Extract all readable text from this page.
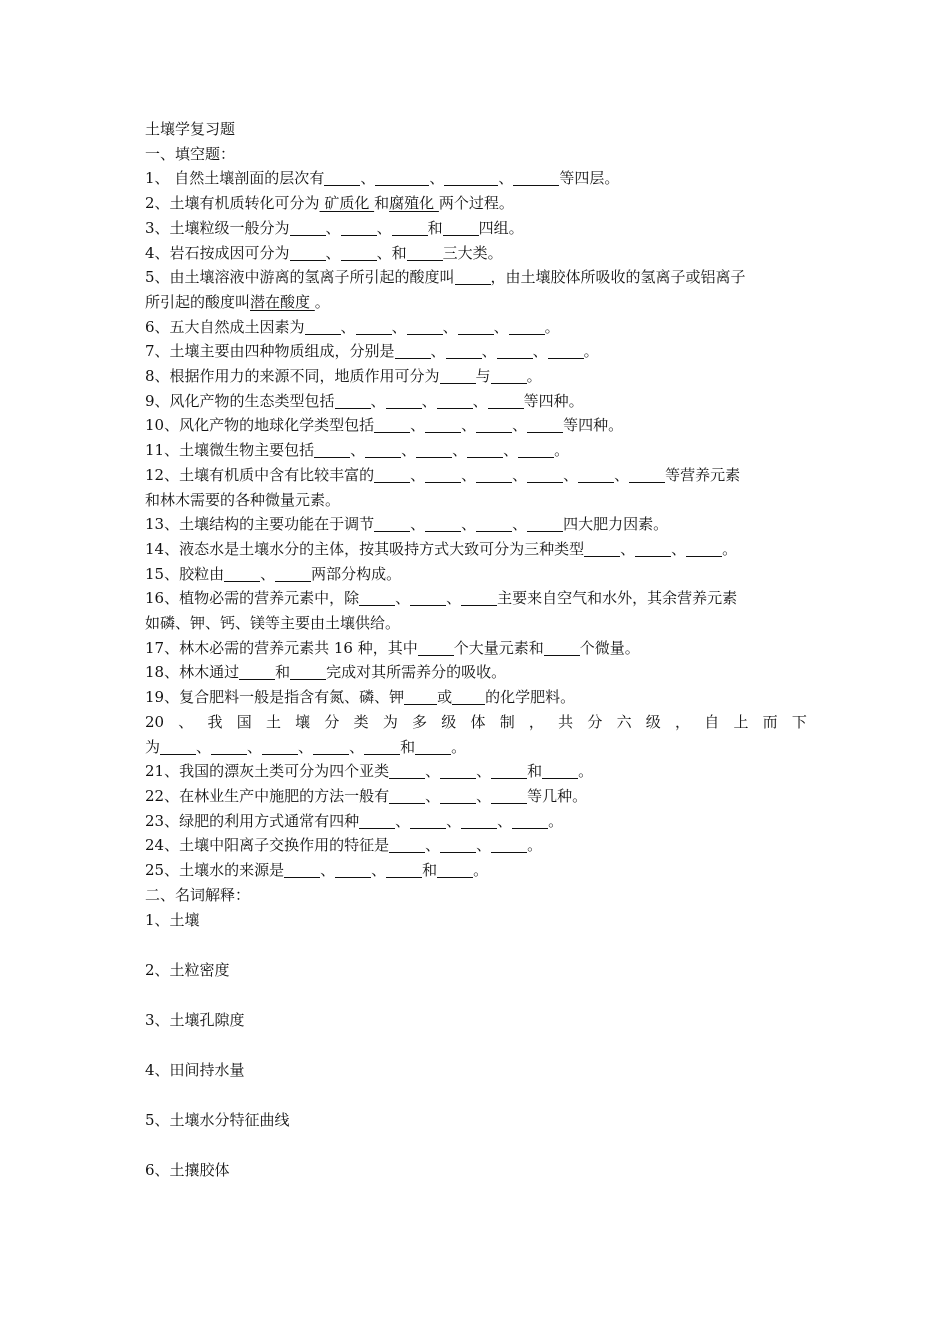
土壤学复习题
一、填空题：
1、 自然土壤剖面的层次有 、	、	、	等四层。
2、土壤有机质转化可分为 矿质化 和腐殖化 两个过程。
3、土壤粒级一般分为 、 、 和 四组。
4、岩石按成因可分为 、 、和 三大类。
5、由土壤溶液中游离的氢离子所引起的酸度叫 ，由土壤胶体所吸收的氢离子或铝离子
所引起的酸度叫潜在酸度 。
6、五大自然成土因素为 、 、 、 、 。
7、土壤主要由四种物质组成，分别是 、 、 、 。
8、根据作用力的来源不同，地质作用可分为 与 。
9、风化产物的生态类型包括 、 、 、 等四种。
10、风化产物的地球化学类型包括 、 、 、 等四种。
11、土壤微生物主要包括 、 、 、 、 。
12、土壤有机质中含有比较丰富的 、 、 、 、 、 等营养元素
和林木需要的各种微量元素。
13、土壤结构的主要功能在于调节 、 、 、 四大肥力因素。
14、液态水是土壤水分的主体，按其吸持方式大致可分为三种类型 、 、 。
15、胶粒由 、 两部分构成。
16、植物必需的营养元素中，除 、 、 主要来自空气和水外，其余营养元素
如磷、钾、钙、镁等主要由土壤供给。
17、林木必需的营养元素共 16 种，其中 个大量元素和 个微量。
18、林木通过 和 完成对其所需养分的吸收。
19、复合肥料一般是指含有氮、磷、钾 或 的化学肥料。
20 、 我 国 土 壤 分 类 为 多 级 体 制 ， 共 分 六 级 ， 自 上 而 下
为 、 、 、 、 和 。
21、我国的漂灰土类可分为四个亚类 、 、 和 。
22、在林业生产中施肥的方法一般有 、 、 等几种。
23、绿肥的利用方式通常有四种 、 、 、 。
24、土壤中阳离子交换作用的特征是 、 、 。
25、土壤水的来源是 、 、 和 。
二、名词解释：
1、土壤
2、土粒密度
3、土壤孔隙度
4、田间持水量
5、土壤水分特征曲线
6、土攘胶体
